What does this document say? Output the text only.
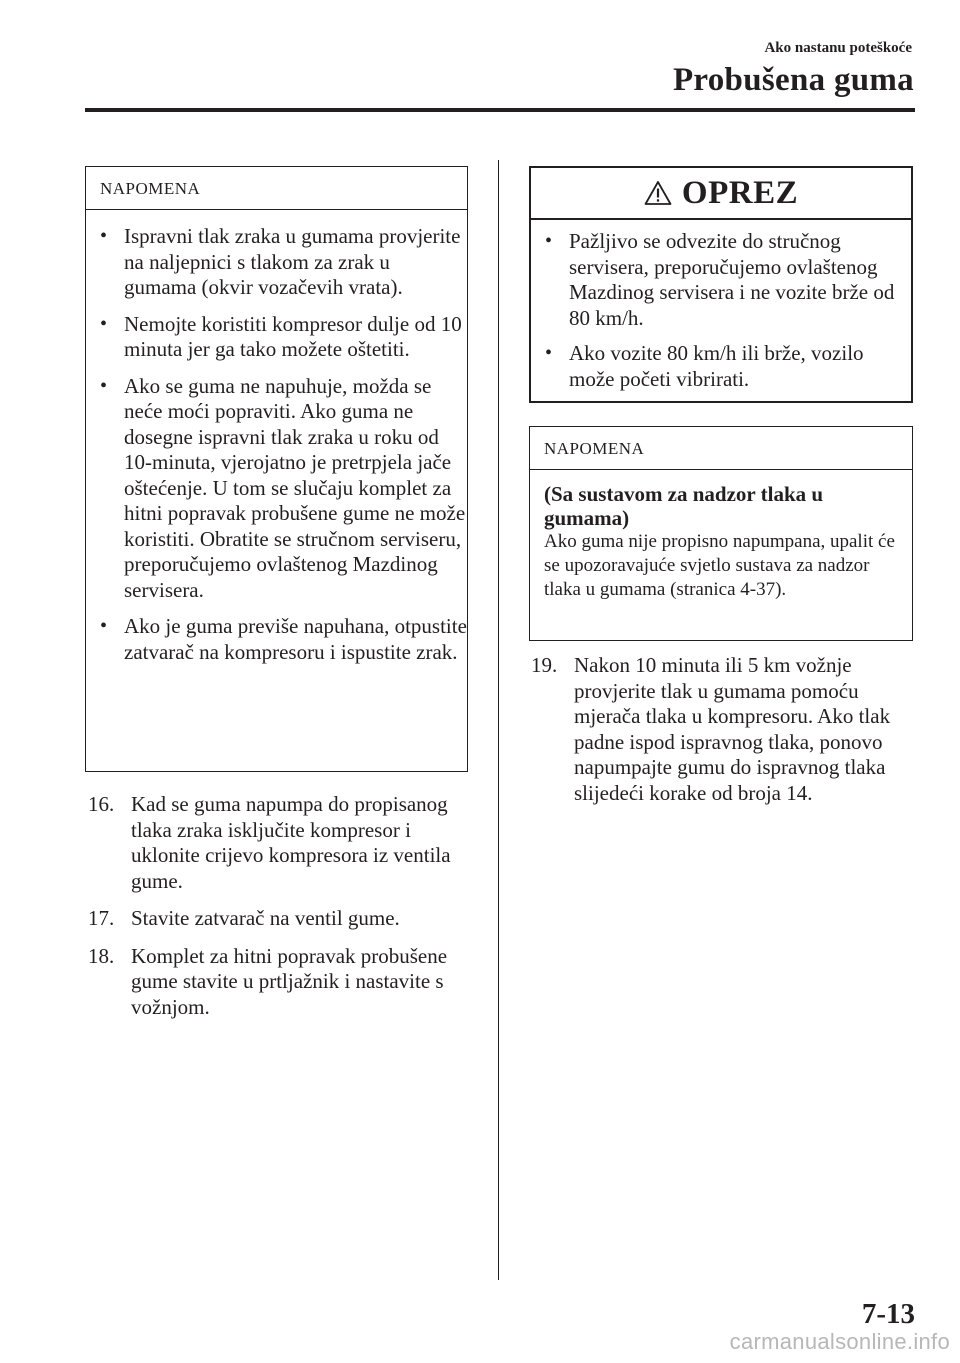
Ako nastanu poteškoće
Probušena guma
NAPOMENA
• Ispravni tlak zraka u gumama provjerite na naljepnici s tlakom za zrak u gumama (okvir vozačevih vrata).
• Nemojte koristiti kompresor dulje od 10 minuta jer ga tako možete oštetiti.
• Ako se guma ne napuhuje, možda se neće moći popraviti. Ako guma ne dosegne ispravni tlak zraka u roku od 10-minuta, vjerojatno je pretrpjela jače oštećenje. U tom se slučaju komplet za hitni popravak probušene gume ne može koristiti. Obratite se stručnom serviseru, preporučujemo ovlaštenog Mazdinog servisera.
• Ako je guma previše napuhana, otpustite zatvarač na kompresoru i ispustite zrak.
16. Kad se guma napumpa do propisanog tlaka zraka isključite kompresor i uklonite crijevo kompresora iz ventila gume.
17. Stavite zatvarač na ventil gume.
18. Komplet za hitni popravak probušene gume stavite u prtljažnik i nastavite s vožnjom.
OPREZ
• Pažljivo se odvezite do stručnog servisera, preporučujemo ovlaštenog Mazdinog servisera i ne vozite brže od 80 km/h.
• Ako vozite 80 km/h ili brže, vozilo može početi vibrirati.
NAPOMENA
(Sa sustavom za nadzor tlaka u gumama)
Ako guma nije propisno napumpana, upalit će se upozoravajuće svjetlo sustava za nadzor tlaka u gumama (stranica 4-37).
19. Nakon 10 minuta ili 5 km vožnje provjerite tlak u gumama pomoću mjerača tlaka u kompresoru. Ako tlak padne ispod ispravnog tlaka, ponovo napumpajte gumu do ispravnog tlaka slijedeći korake od broja 14.
7-13
carmanualsonline.info
